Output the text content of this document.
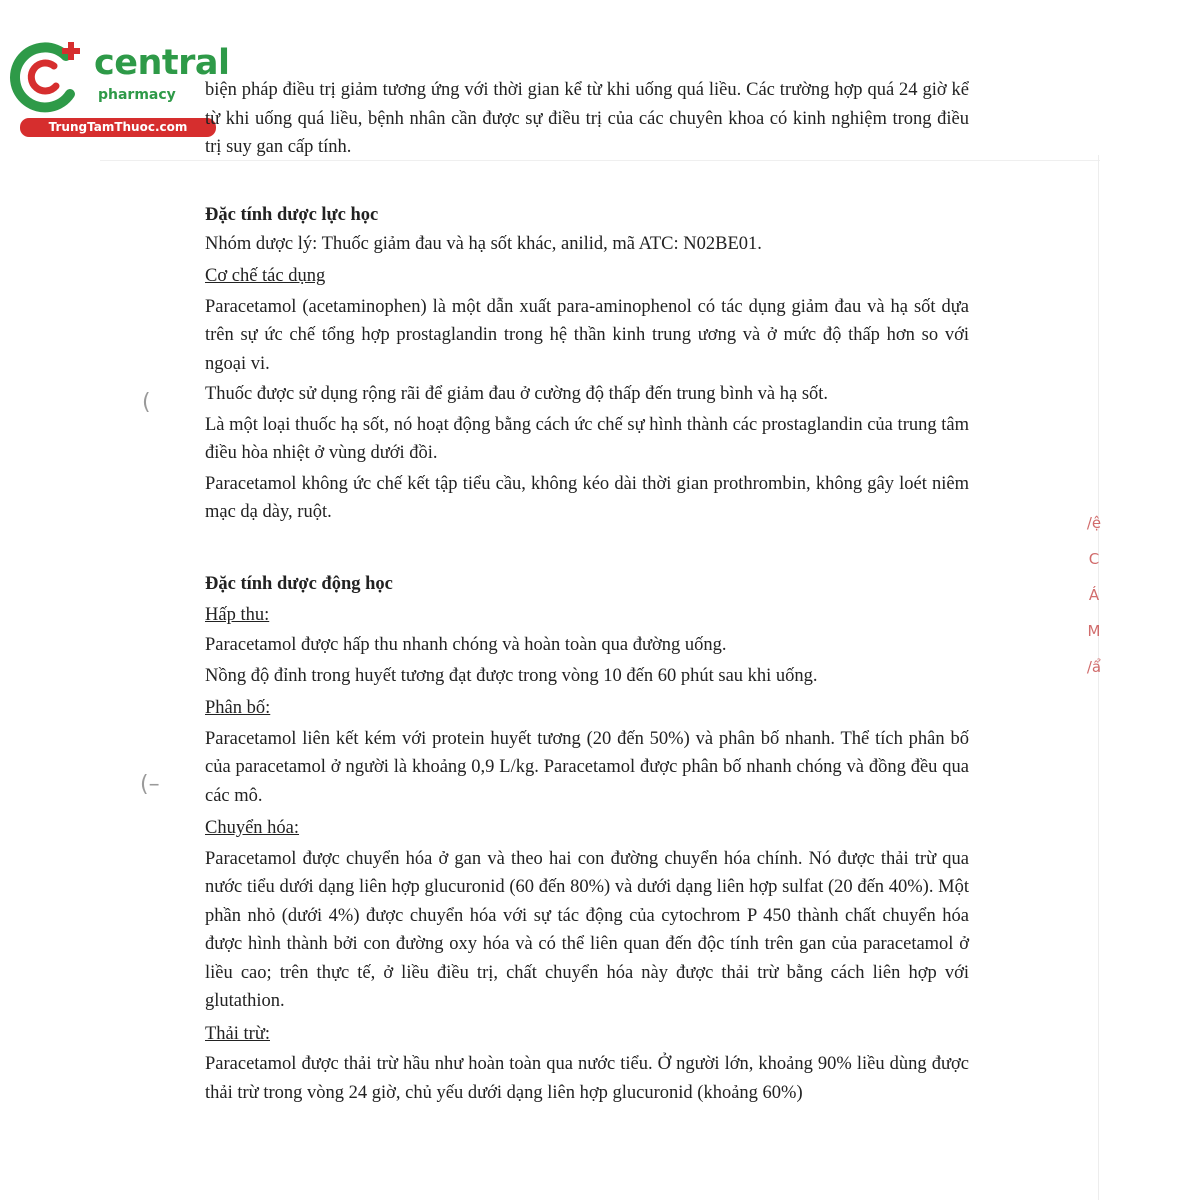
central
pharmacy
TrungTamThuoc.com

biện pháp điều trị giảm tương ứng với thời gian kể từ khi uống quá liều. Các trường hợp quá 24 giờ kể từ khi uống quá liều, bệnh nhân cần được sự điều trị của các chuyên khoa có kinh nghiệm trong điều trị suy gan cấp tính.

Đặc tính dược lực học

Nhóm dược lý: Thuốc giảm đau và hạ sốt khác, anilid, mã ATC: N02BE01.

Cơ chế tác dụng

Paracetamol (acetaminophen) là một dẫn xuất para-aminophenol có tác dụng giảm đau và hạ sốt dựa trên sự ức chế tổng hợp prostaglandin trong hệ thần kinh trung ương và ở mức độ thấp hơn so với ngoại vi.

Thuốc được sử dụng rộng rãi để giảm đau ở cường độ thấp đến trung bình và hạ sốt.

Là một loại thuốc hạ sốt, nó hoạt động bằng cách ức chế sự hình thành các prostaglandin của trung tâm điều hòa nhiệt ở vùng dưới đồi.

Paracetamol không ức chế kết tập tiểu cầu, không kéo dài thời gian prothrombin, không gây loét niêm mạc dạ dày, ruột.

Đặc tính dược động học
Hấp thu:

Paracetamol được hấp thu nhanh chóng và hoàn toàn qua đường uống.

Nồng độ đỉnh trong huyết tương đạt được trong vòng 10 đến 60 phút sau khi uống.

Phân bố:

Paracetamol liên kết kém với protein huyết tương (20 đến 50%) và phân bố nhanh. Thể tích phân bố của paracetamol ở người là khoảng 0,9 L/kg. Paracetamol được phân bố nhanh chóng và đồng đều qua các mô.

Chuyển hóa:

Paracetamol được chuyển hóa ở gan và theo hai con đường chuyển hóa chính. Nó được thải trừ qua nước tiểu dưới dạng liên hợp glucuronid (60 đến 80%) và dưới dạng liên hợp sulfat (20 đến 40%). Một phần nhỏ (dưới 4%) được chuyển hóa với sự tác động của cytochrom P 450 thành chất chuyển hóa được hình thành bởi con đường oxy hóa và có thể liên quan đến độc tính trên gan của paracetamol ở liều cao; trên thực tế, ở liều điều trị, chất chuyển hóa này được thải trừ bằng cách liên hợp với glutathion.

Thải trừ:

Paracetamol được thải trừ hầu như hoàn toàn qua nước tiểu. Ở người lớn, khoảng 90% liều dùng được thải trừ trong vòng 24 giờ, chủ yếu dưới dạng liên hợp glucuronid (khoảng 60%)

(
(–
/ệ
C
Á
M
/ẩ
